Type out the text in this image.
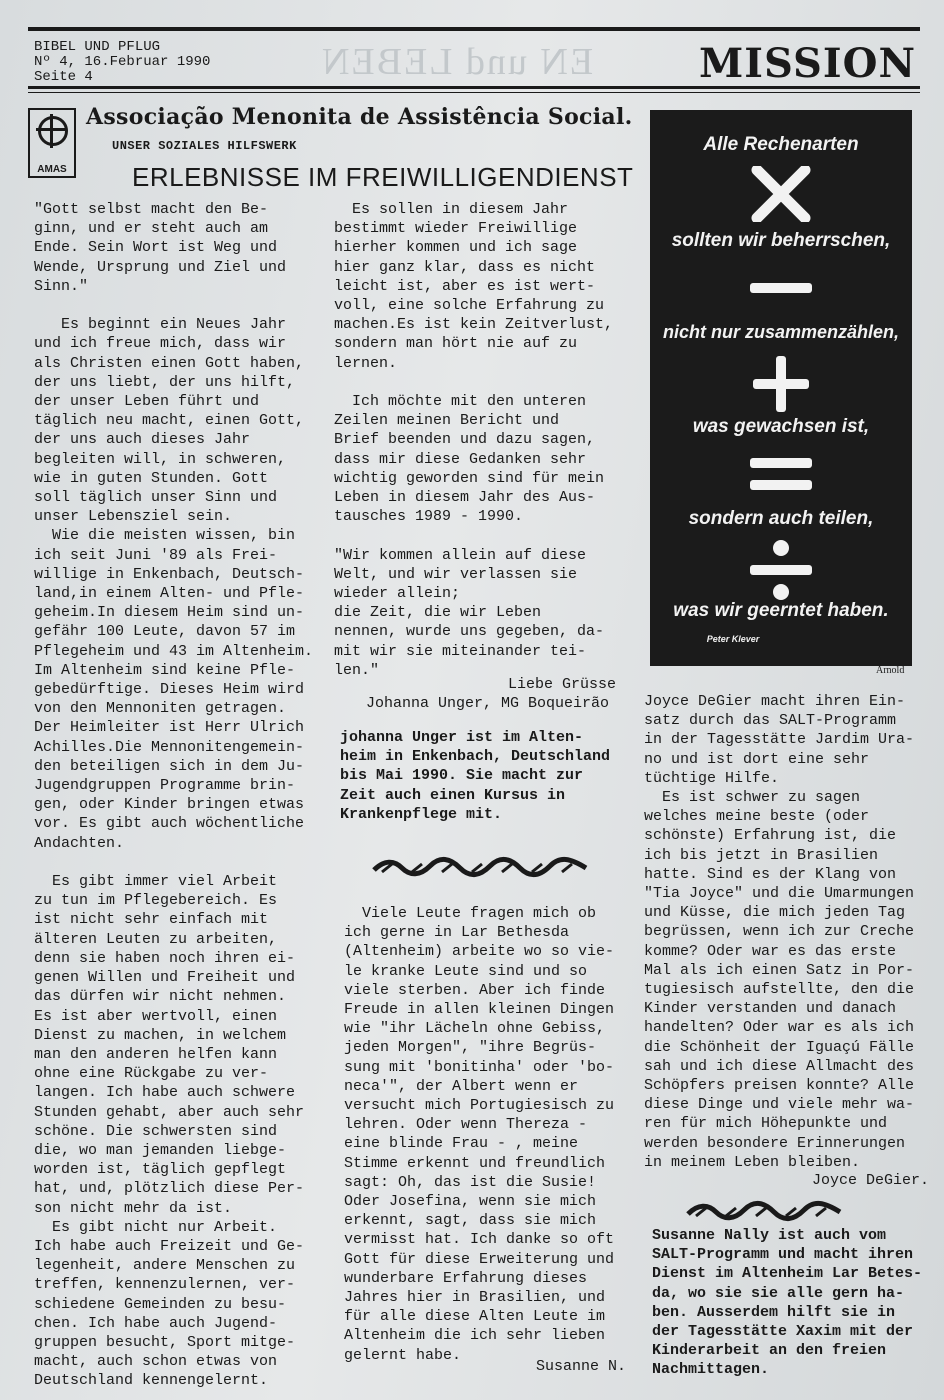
BIBEL UND PFLUG
Nº 4, 16.Februar 1990
Seite 4	EN und LEBEN	MISSION
AMAS
Associação Menonita de Assistência Social.
UNSER SOZIALES HILFSWERK
ERLEBNISSE IM FREIWILLIGENDIENST

"Gott selbst macht den Be-

ginn, und er steht auch am

Ende. Sein Wort ist Weg und

Wende, Ursprung und Ziel und

Sinn."

Es beginnt ein Neues Jahr

und ich freue mich, dass wir

als Christen einen Gott haben,

der uns liebt, der uns hilft,

der unser Leben führt und

täglich neu macht, einen Gott,

der uns auch dieses Jahr

begleiten will, in schweren,

wie in guten Stunden. Gott

soll täglich unser Sinn und

unser Lebensziel sein.

Wie die meisten wissen, bin

ich seit Juni '89 als Frei-

willige in Enkenbach, Deutsch-

land,in einem Alten- und Pfle-

geheim.In diesem Heim sind un-

gefähr 100 Leute, davon 57 im

Pflegeheim und 43 im Altenheim.

Im Altenheim sind keine Pfle-

gebedürftige. Dieses Heim wird

von den Mennoniten getragen.

Der Heimleiter ist Herr Ulrich

Achilles.Die Mennonitengemein-

den beteiligen sich in dem Ju-

Jugendgruppen Programme brin-

gen, oder Kinder bringen etwas

vor. Es gibt auch wöchentliche

Andachten.

Es gibt immer viel Arbeit

zu tun im Pflegebereich. Es

ist nicht sehr einfach mit

älteren Leuten zu arbeiten,

denn sie haben noch ihren ei-

genen Willen und Freiheit und

das dürfen wir nicht nehmen.

Es ist aber wertvoll, einen

Dienst zu machen, in welchem

man den anderen helfen kann

ohne eine Rückgabe zu ver-

langen. Ich habe auch schwere

Stunden gehabt, aber auch sehr

schöne. Die schwersten sind

die, wo man jemanden liebge-

worden ist, täglich gepflegt

hat, und, plötzlich diese Per-

son nicht mehr da ist.

Es gibt nicht nur Arbeit.

Ich habe auch Freizeit und Ge-

legenheit, andere Menschen zu

treffen, kennenzulernen, ver-

schiedene Gemeinden zu besu-

chen. Ich habe auch Jugend-

gruppen besucht, Sport mitge-

macht, auch schon etwas von

Deutschland kennengelernt.

Es sollen in diesem Jahr

bestimmt wieder Freiwillige

hierher kommen und ich sage

hier ganz klar, dass es nicht

leicht ist, aber es ist wert-

voll, eine solche Erfahrung zu

machen.Es ist kein Zeitverlust,

sondern man hört nie auf zu

lernen.

Ich möchte mit den unteren

Zeilen meinen Bericht und

Brief beenden und dazu sagen,

dass mir diese Gedanken sehr

wichtig geworden sind für mein

Leben in diesem Jahr des Aus-

tausches 1989 - 1990.

"Wir kommen allein auf diese

Welt, und wir verlassen sie

wieder allein;

die Zeit, die wir Leben

nennen, wurde uns gegeben, da-

mit wir sie miteinander tei-

len."

Liebe Grüsse
Johanna Unger, MG Boqueirão

johanna Unger ist im Alten-

heim in Enkenbach, Deutschland

bis Mai 1990. Sie macht zur

Zeit auch einen Kursus in

Krankenpflege mit.

Viele Leute fragen mich ob

ich gerne in Lar Bethesda

(Altenheim) arbeite wo so vie-

le kranke Leute sind und so

viele sterben. Aber ich finde

Freude in allen kleinen Dingen

wie "ihr Lächeln ohne Gebiss,

jeden Morgen", "ihre Begrüs-

sung mit 'bonitinha' oder 'bo-

neca'", der Albert wenn er

versucht mich Portugiesisch zu

lehren. Oder wenn Thereza -

eine blinde Frau - , meine

Stimme erkennt und freundlich

sagt: Oh, das ist die Susie!

Oder Josefina, wenn sie mich

erkennt, sagt, dass sie mich

vermisst hat. Ich danke so oft

Gott für diese Erweiterung und

wunderbare Erfahrung dieses

Jahres hier in Brasilien, und

für alle diese Alten Leute im

Altenheim die ich sehr lieben

gelernt habe.

Susanne N.
Alle Rechenarten
sollten wir beherrschen,
nicht nur zusammenzählen,
was gewachsen ist,
sondern auch teilen,
was wir geerntet haben.
Peter Klever
Arnold

Joyce DeGier macht ihren Ein-

satz durch das SALT-Programm

in der Tagesstätte Jardim Ura-

no und ist dort eine sehr

tüchtige Hilfe.

Es ist schwer zu sagen

welches meine beste (oder

schönste) Erfahrung ist, die

ich bis jetzt in Brasilien

hatte. Sind es der Klang von

"Tia Joyce" und die Umarmungen

und Küsse, die mich jeden Tag

begrüssen, wenn ich zur Creche

komme? Oder war es das erste

Mal als ich einen Satz in Por-

tugiesisch aufstellte, den die

Kinder verstanden und danach

handelten? Oder war es als ich

die Schönheit der Iguaçú Fälle

sah und ich diese Allmacht des

Schöpfers preisen konnte? Alle

diese Dinge und viele mehr wa-

ren für mich Höhepunkte und

werden besondere Erinnerungen

in meinem Leben bleiben.

Joyce DeGier.

Susanne Nally ist auch vom

SALT-Programm und macht ihren

Dienst im Altenheim Lar Betes-

da, wo sie sie alle gern ha-

ben. Ausserdem hilft sie in

der Tagesstätte Xaxim mit der

Kinderarbeit an den freien

Nachmittagen.
